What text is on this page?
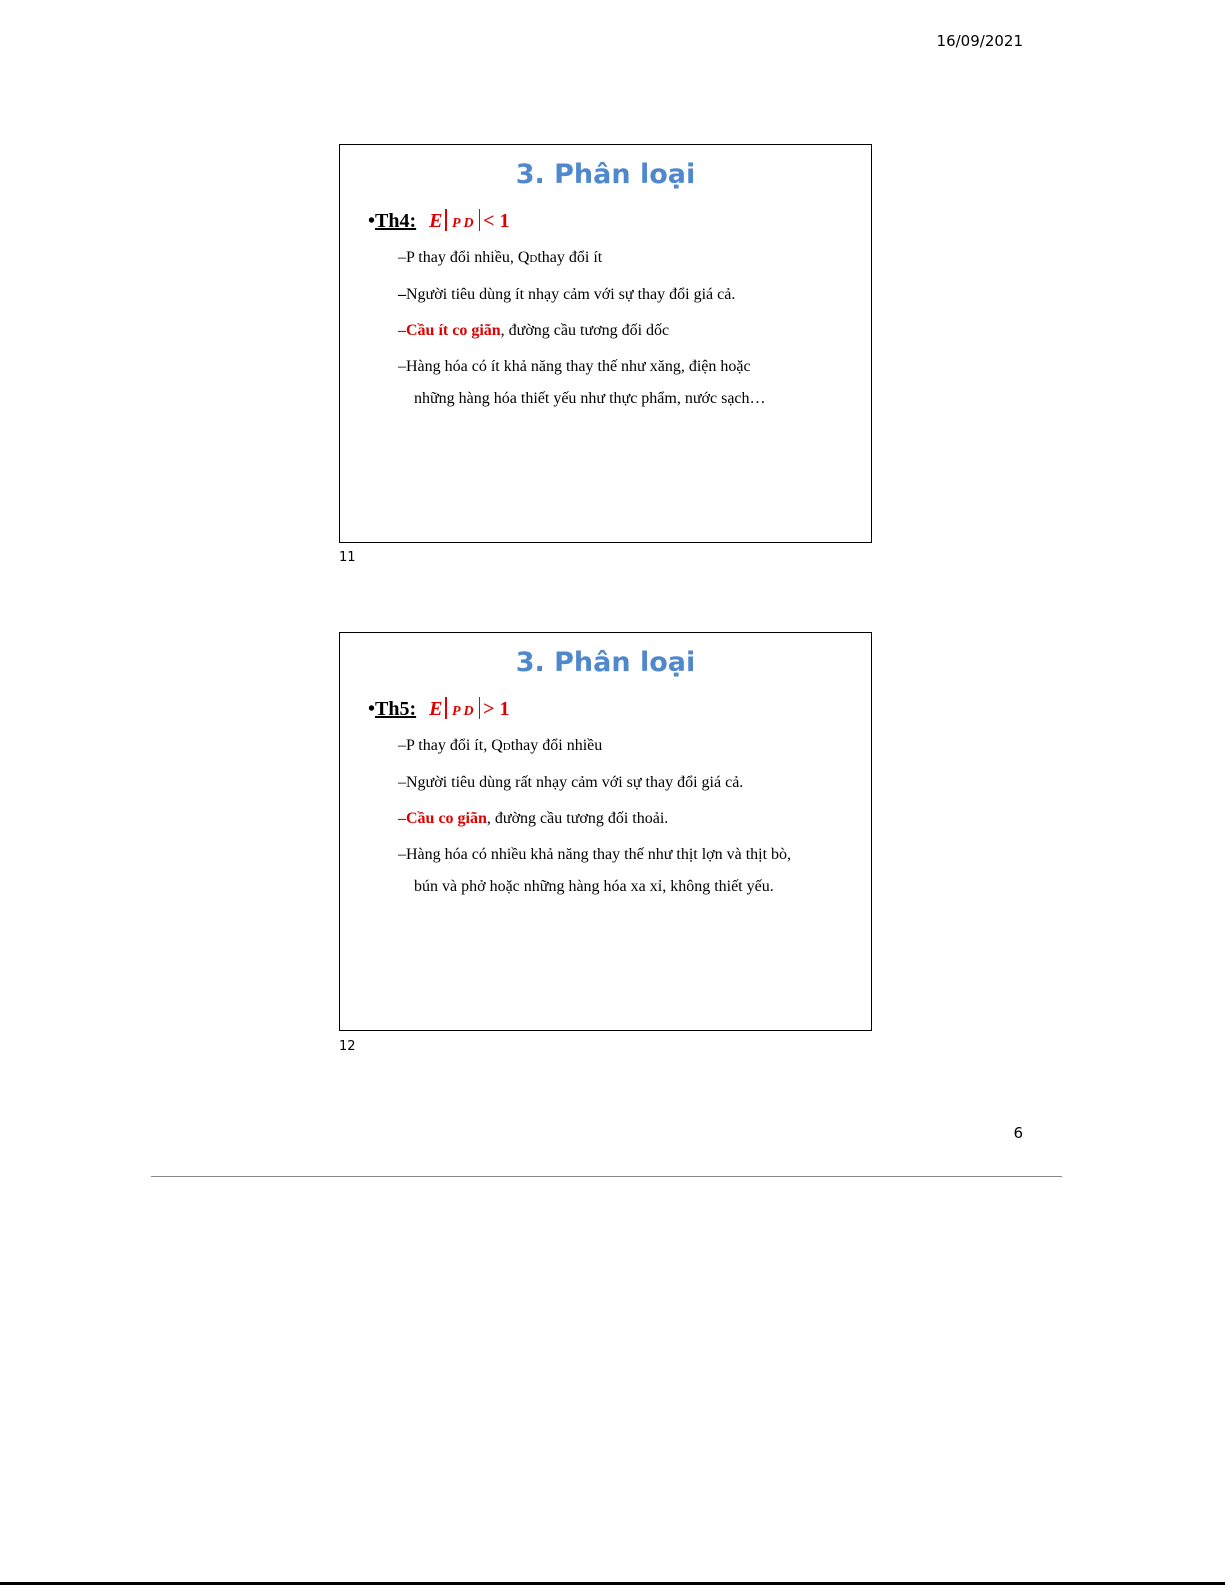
16/09/2021
3. Phân loại
•Th4: E P D < 1
–P thay đổi nhiều, QDthay đổi ít
–Người tiêu dùng ít nhạy cảm với sự thay đổi giá cả.
–Cầu ít co giãn, đường cầu tương đối dốc
–Hàng hóa có ít khả năng thay thế như xăng, điện hoặc
những hàng hóa thiết yếu như thực phẩm, nước sạch…
11
3. Phân loại
•Th5: E P D > 1
–P thay đổi ít, QDthay đổi nhiều
–Người tiêu dùng rất nhạy cảm với sự thay đổi giá cả.
–Cầu co giãn, đường cầu tương đối thoải.
–Hàng hóa có nhiều khả năng thay thế như thịt lợn và thịt bò,
bún và phở hoặc những hàng hóa xa xỉ, không thiết yếu.
12
6
